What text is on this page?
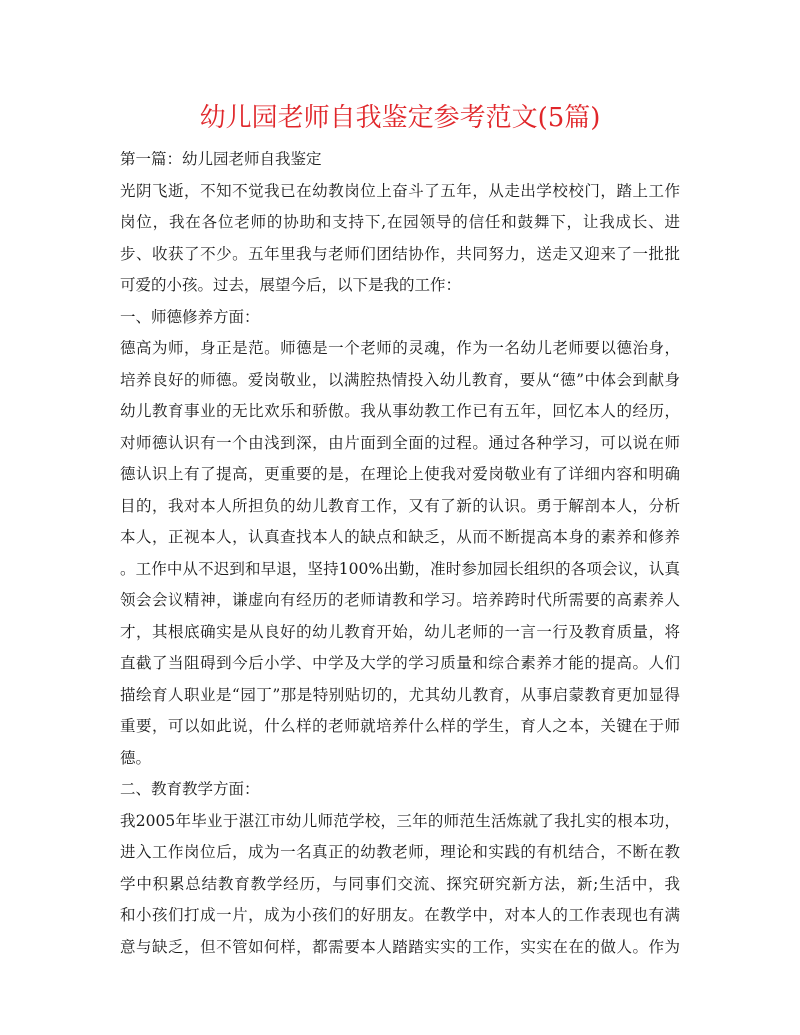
幼儿园老师自我鉴定参考范文(5篇)
第一篇：幼儿园老师自我鉴定
光阴飞逝，不知不觉我已在幼教岗位上奋斗了五年，从走出学校校门，踏上工作
岗位，我在各位老师的协助和支持下,在园领导的信任和鼓舞下，让我成长、进
步、收获了不少。五年里我与老师们团结协作，共同努力，送走又迎来了一批批
可爱的小孩。过去，展望今后，以下是我的工作：
一、师德修养方面：
德高为师，身正是范。师德是一个老师的灵魂，作为一名幼儿老师要以德治身，
培养良好的师德。爱岗敬业，以满腔热情投入幼儿教育，要从“德”中体会到献身
幼儿教育事业的无比欢乐和骄傲。我从事幼教工作已有五年，回忆本人的经历，
对师德认识有一个由浅到深，由片面到全面的过程。通过各种学习，可以说在师
德认识上有了提高，更重要的是，在理论上使我对爱岗敬业有了详细内容和明确
目的，我对本人所担负的幼儿教育工作，又有了新的认识。勇于解剖本人，分析
本人，正视本人，认真查找本人的缺点和缺乏，从而不断提高本身的素养和修养
。工作中从不迟到和早退，坚持100%出勤，准时参加园长组织的各项会议，认真
领会会议精神，谦虚向有经历的老师请教和学习。培养跨时代所需要的高素养人
才，其根底确实是从良好的幼儿教育开始，幼儿老师的一言一行及教育质量，将
直截了当阻碍到今后小学、中学及大学的学习质量和综合素养才能的提高。人们
描绘育人职业是“园丁”那是特别贴切的，尤其幼儿教育，从事启蒙教育更加显得
重要，可以如此说，什么样的老师就培养什么样的学生，育人之本，关键在于师
德。
二、教育教学方面：
我2005年毕业于湛江市幼儿师范学校，三年的师范生活炼就了我扎实的根本功，
进入工作岗位后，成为一名真正的幼教老师，理论和实践的有机结合，不断在教
学中积累总结教育教学经历，与同事们交流、探究研究新方法，新;生活中，我
和小孩们打成一片，成为小孩们的好朋友。在教学中，对本人的工作表现也有满
意与缺乏，但不管如何样，都需要本人踏踏实实的工作，实实在在的做人。作为
